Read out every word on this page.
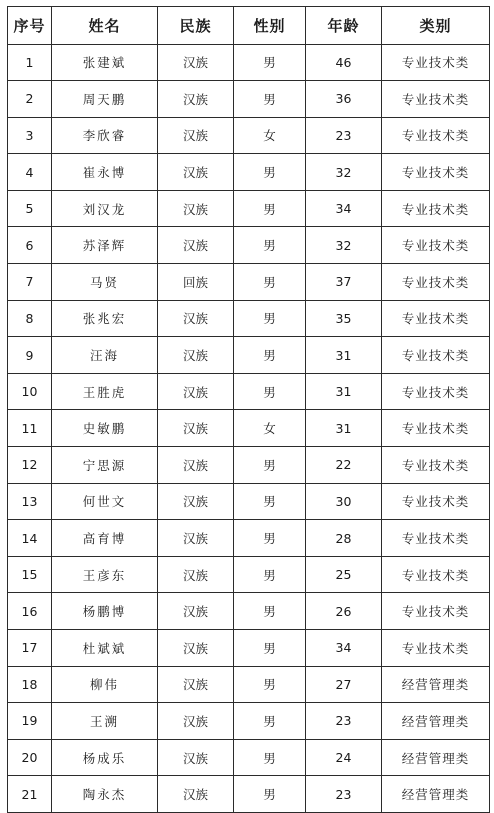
序号	姓名	民族	性别	年龄	类别
1	张建斌	汉族	男	46	专业技术类
2	周天鹏	汉族	男	36	专业技术类
3	李欣睿	汉族	女	23	专业技术类
4	崔永博	汉族	男	32	专业技术类
5	刘汉龙	汉族	男	34	专业技术类
6	苏泽辉	汉族	男	32	专业技术类
7	马贤	回族	男	37	专业技术类
8	张兆宏	汉族	男	35	专业技术类
9	汪海	汉族	男	31	专业技术类
10	王胜虎	汉族	男	31	专业技术类
11	史敏鹏	汉族	女	31	专业技术类
12	宁思源	汉族	男	22	专业技术类
13	何世文	汉族	男	30	专业技术类
14	高育博	汉族	男	28	专业技术类
15	王彦东	汉族	男	25	专业技术类
16	杨鹏博	汉族	男	26	专业技术类
17	杜斌斌	汉族	男	34	专业技术类
18	柳伟	汉族	男	27	经营管理类
19	王溯	汉族	男	23	经营管理类
20	杨成乐	汉族	男	24	经营管理类
21	陶永杰	汉族	男	23	经营管理类
